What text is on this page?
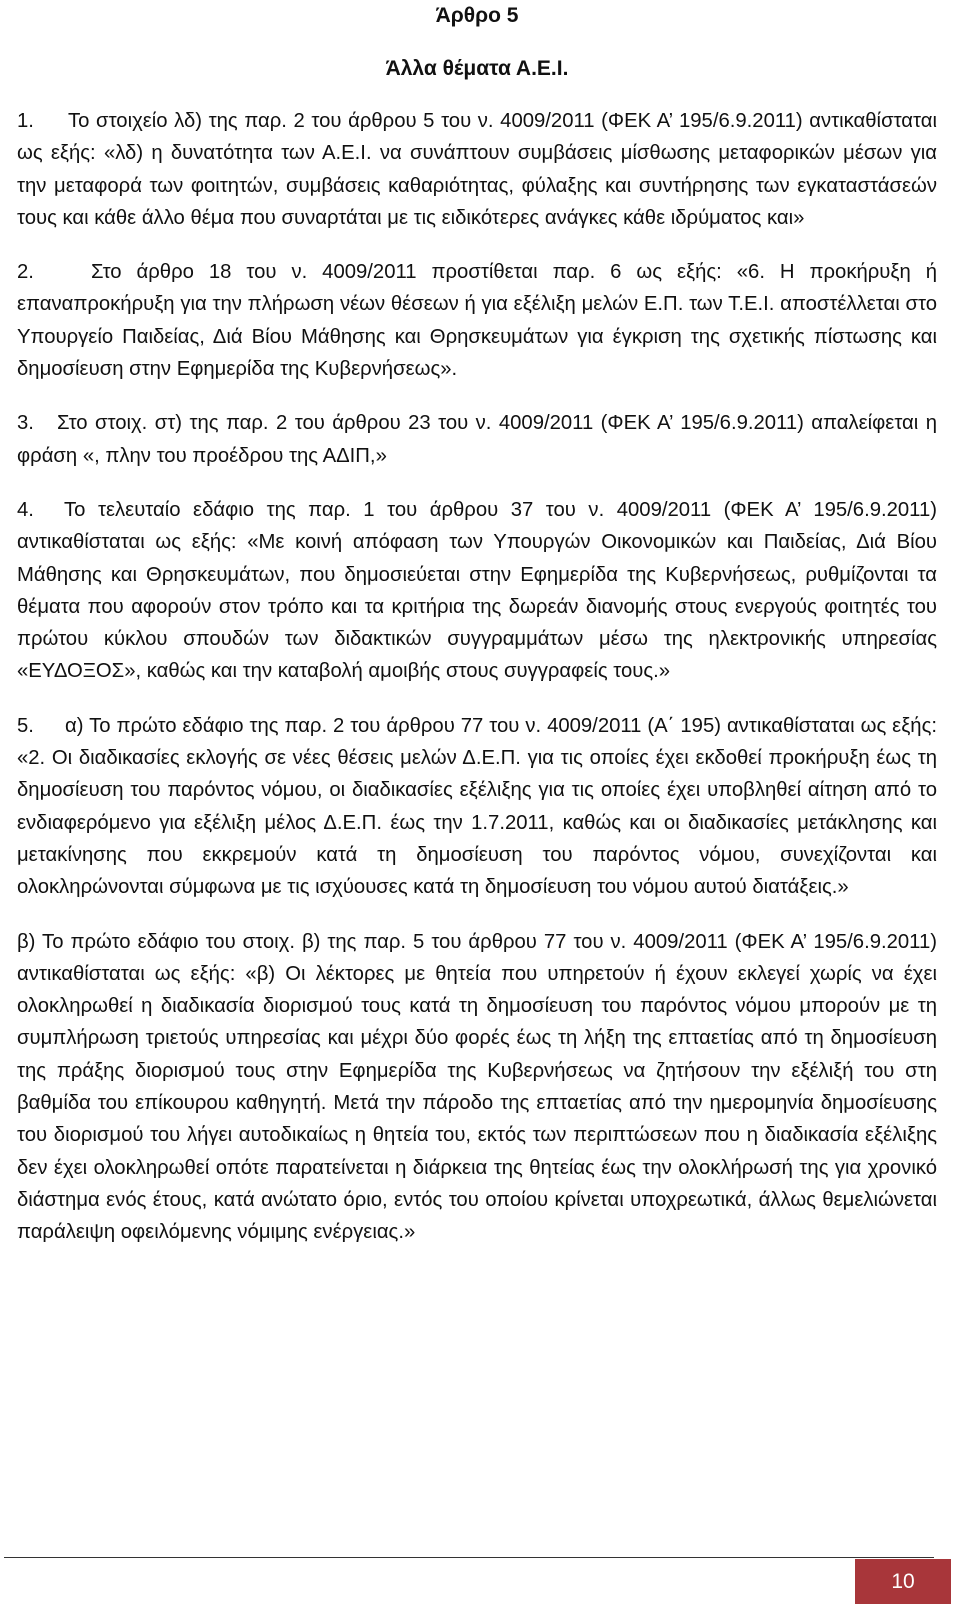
Άρθρο 5
Άλλα θέματα Α.Ε.Ι.

1. Το στοιχείο λδ) της παρ. 2 του άρθρου 5 του ν. 4009/2011 (ΦΕΚ Α’ 195/6.9.2011) αντικαθίσταται ως εξής: «λδ) η δυνατότητα των Α.Ε.Ι. να συνάπτουν συμβάσεις μίσθωσης μεταφορικών μέσων για την μεταφορά των φοιτητών, συμβάσεις καθαριότητας, φύλαξης και συντήρησης των εγκαταστάσεών τους και κάθε άλλο θέμα που συναρτάται με τις ειδικότερες ανάγκες κάθε ιδρύματος και»

2.	Στο άρθρο 18 του ν. 4009/2011 προστίθεται παρ. 6 ως εξής: «6. Η προκήρυξη ή επαναπροκήρυξη για την πλήρωση νέων θέσεων ή για εξέλιξη μελών Ε.Π. των Τ.Ε.Ι. αποστέλλεται στο Υπουργείο Παιδείας, Διά Βίου Μάθησης και Θρησκευμάτων για έγκριση της σχετικής πίστωσης και δημοσίευση στην Εφημερίδα της Κυβερνήσεως».

3. Στο στοιχ. στ) της παρ. 2 του άρθρου 23 του ν. 4009/2011 (ΦΕΚ Α’ 195/6.9.2011) απαλείφεται η φράση «, πλην του προέδρου της ΑΔΙΠ,»

4. Το τελευταίο εδάφιο της παρ. 1 του άρθρου 37 του ν. 4009/2011 (ΦΕΚ Α’ 195/6.9.2011) αντικαθίσταται ως εξής: «Με κοινή απόφαση των Υπουργών Οικονομικών και Παιδείας, Διά Βίου Μάθησης και Θρησκευμάτων, που δημοσιεύεται στην Εφημερίδα της Κυβερνήσεως, ρυθμίζονται τα θέματα που αφορούν στον τρόπο και τα κριτήρια της δωρεάν διανομής στους ενεργούς φοιτητές του πρώτου κύκλου σπουδών των διδακτικών συγγραμμάτων μέσω της ηλεκτρονικής υπηρεσίας «ΕΥΔΟΞΟΣ», καθώς και την καταβολή αμοιβής στους συγγραφείς τους.»

5. α) Το πρώτο εδάφιο της παρ. 2 του άρθρου 77 του ν. 4009/2011 (Α΄ 195) αντικαθίσταται ως εξής: «2. Οι διαδικασίες εκλογής σε νέες θέσεις μελών Δ.Ε.Π. για τις οποίες έχει εκδοθεί προκήρυξη έως τη δημοσίευση του παρόντος νόμου, οι διαδικασίες εξέλιξης για τις οποίες έχει υποβληθεί αίτηση από το ενδιαφερόμενο για εξέλιξη μέλος Δ.Ε.Π. έως την 1.7.2011, καθώς και οι διαδικασίες μετάκλησης και μετακίνησης που εκκρεμούν κατά τη δημοσίευση του παρόντος νόμου, συνεχίζονται και ολοκληρώνονται σύμφωνα με τις ισχύουσες κατά τη δημοσίευση του νόμου αυτού διατάξεις.»

β) Το πρώτο εδάφιο του στοιχ. β) της παρ. 5 του άρθρου 77 του ν. 4009/2011 (ΦΕΚ Α’ 195/6.9.2011) αντικαθίσταται ως εξής: «β) Οι λέκτορες με θητεία που υπηρετούν ή έχουν εκλεγεί χωρίς να έχει ολοκληρωθεί η διαδικασία διορισμού τους κατά τη δημοσίευση του παρόντος νόμου μπορούν με τη συμπλήρωση τριετούς υπηρεσίας και μέχρι δύο φορές έως τη λήξη της επταετίας από τη δημοσίευση της πράξης διορισμού τους στην Εφημερίδα της Κυβερνήσεως να ζητήσουν την εξέλιξή του στη βαθμίδα του επίκουρου καθηγητή. Μετά την πάροδο της επταετίας από την ημερομηνία δημοσίευσης του διορισμού του λήγει αυτοδικαίως η θητεία του, εκτός των περιπτώσεων που η διαδικασία εξέλιξης δεν έχει ολοκληρωθεί οπότε παρατείνεται η διάρκεια της θητείας έως την ολοκλήρωσή της για χρονικό διάστημα ενός έτους, κατά ανώτατο όριο, εντός του οποίου κρίνεται υποχρεωτικά, άλλως θεμελιώνεται παράλειψη οφειλόμενης νόμιμης ενέργειας.»

10
